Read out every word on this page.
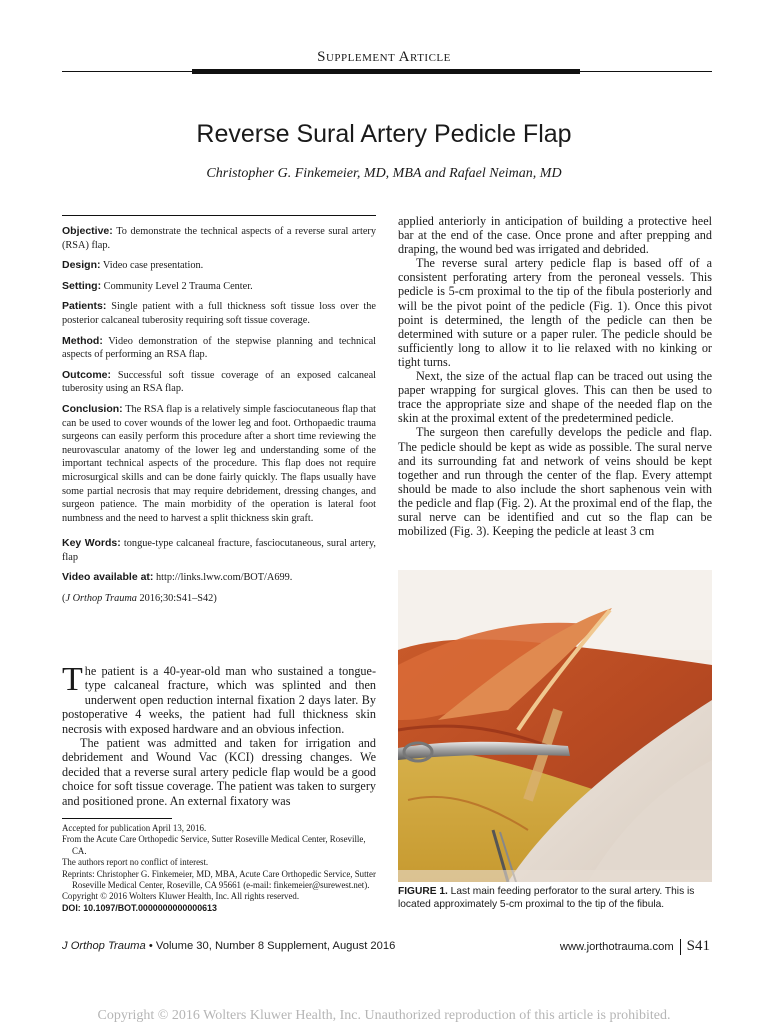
Supplement Article
Reverse Sural Artery Pedicle Flap
Christopher G. Finkemeier, MD, MBA and Rafael Neiman, MD

Objective: To demonstrate the technical aspects of a reverse sural artery (RSA) flap.

Design: Video case presentation.

Setting: Community Level 2 Trauma Center.

Patients: Single patient with a full thickness soft tissue loss over the posterior calcaneal tuberosity requiring soft tissue coverage.

Method: Video demonstration of the stepwise planning and technical aspects of performing an RSA flap.

Outcome: Successful soft tissue coverage of an exposed calcaneal tuberosity using an RSA flap.

Conclusion: The RSA flap is a relatively simple fasciocutaneous flap that can be used to cover wounds of the lower leg and foot. Orthopaedic trauma surgeons can easily perform this procedure after a short time reviewing the neurovascular anatomy of the lower leg and understanding some of the important technical aspects of the procedure. This flap does not require microsurgical skills and can be done fairly quickly. The flaps usually have some partial necrosis that may require debridement, dressing changes, and surgeon patience. The main morbidity of the operation is lateral foot numbness and the need to harvest a split thickness skin graft.

Key Words: tongue-type calcaneal fracture, fasciocutaneous, sural artery, flap

Video available at: http://links.lww.com/BOT/A699.

(J Orthop Trauma 2016;30:S41–S42)

The patient is a 40-year-old man who sustained a tongue-type calcaneal fracture, which was splinted and then underwent open reduction internal fixation 2 days later. By postoperative 4 weeks, the patient had full thickness skin necrosis with exposed hardware and an obvious infection.

The patient was admitted and taken for irrigation and debridement and Wound Vac (KCI) dressing changes. We decided that a reverse sural artery pedicle flap would be a good choice for soft tissue coverage. The patient was taken to surgery and positioned prone. An external fixatory was

Accepted for publication April 13, 2016.
From the Acute Care Orthopedic Service, Sutter Roseville Medical Center, Roseville, CA.
The authors report no conflict of interest.
Reprints: Christopher G. Finkemeier, MD, MBA, Acute Care Orthopedic Service, Sutter Roseville Medical Center, Roseville, CA 95661 (e-mail: finkemeier@surewest.net).
Copyright © 2016 Wolters Kluwer Health, Inc. All rights reserved.
DOI: 10.1097/BOT.0000000000000613

applied anteriorly in anticipation of building a protective heel bar at the end of the case. Once prone and after prepping and draping, the wound bed was irrigated and debrided.

The reverse sural artery pedicle flap is based off of a consistent perforating artery from the peroneal vessels. This pedicle is 5-cm proximal to the tip of the fibula posteriorly and will be the pivot point of the pedicle (Fig. 1). Once this pivot point is determined, the length of the pedicle can then be determined with suture or a paper ruler. The pedicle should be sufficiently long to allow it to lie relaxed with no kinking or tight turns.

Next, the size of the actual flap can be traced out using the paper wrapping for surgical gloves. This can then be used to trace the appropriate size and shape of the needed flap on the skin at the proximal extent of the predetermined pedicle.

The surgeon then carefully develops the pedicle and flap. The pedicle should be kept as wide as possible. The sural nerve and its surrounding fat and network of veins should be kept together and run through the center of the flap. Every attempt should be made to also include the short saphenous vein with the pedicle and flap (Fig. 2). At the proximal end of the flap, the sural nerve can be identified and cut so the flap can be mobilized (Fig. 3). Keeping the pedicle at least 3 cm

FIGURE 1. Last main feeding perforator to the sural artery. This is located approximately 5-cm proximal to the tip of the fibula.
J Orthop Trauma • Volume 30, Number 8 Supplement, August 2016	www.jorthotrauma.com S41
Copyright © 2016 Wolters Kluwer Health, Inc. Unauthorized reproduction of this article is prohibited.
